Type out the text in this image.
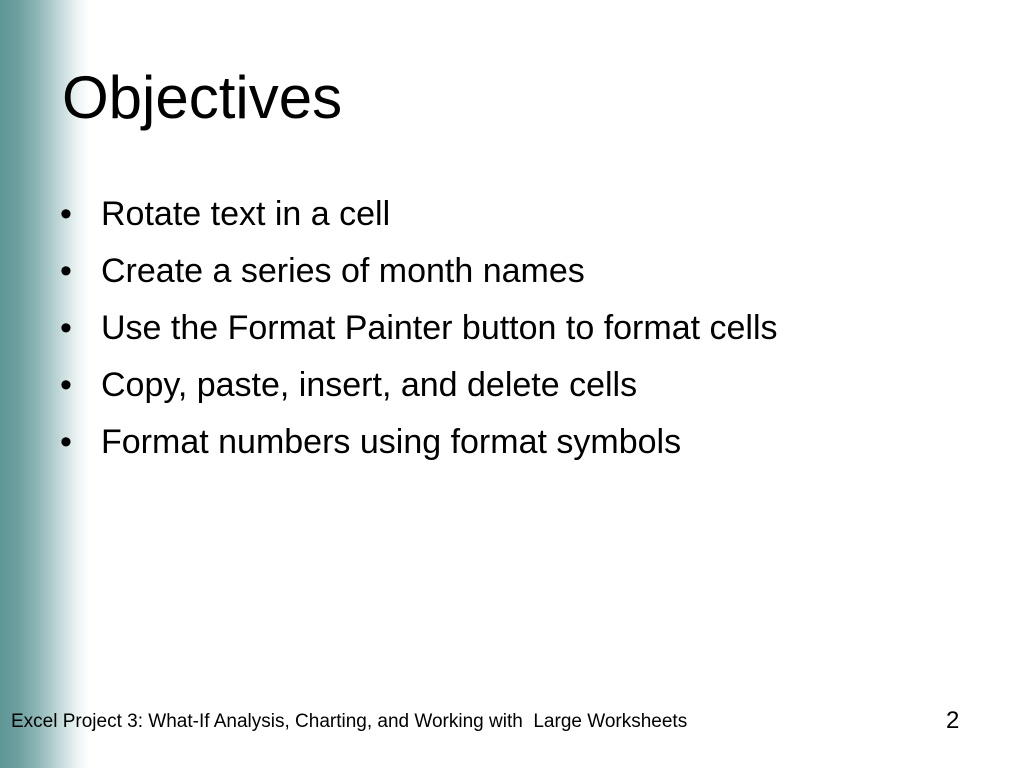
Objectives
• Rotate text in a cell
• Create a series of month names
• Use the Format Painter button to format cells
• Copy, paste, insert, and delete cells
• Format numbers using format symbols
Excel Project 3: What-If Analysis, Charting, and Working with  Large Worksheets	2
